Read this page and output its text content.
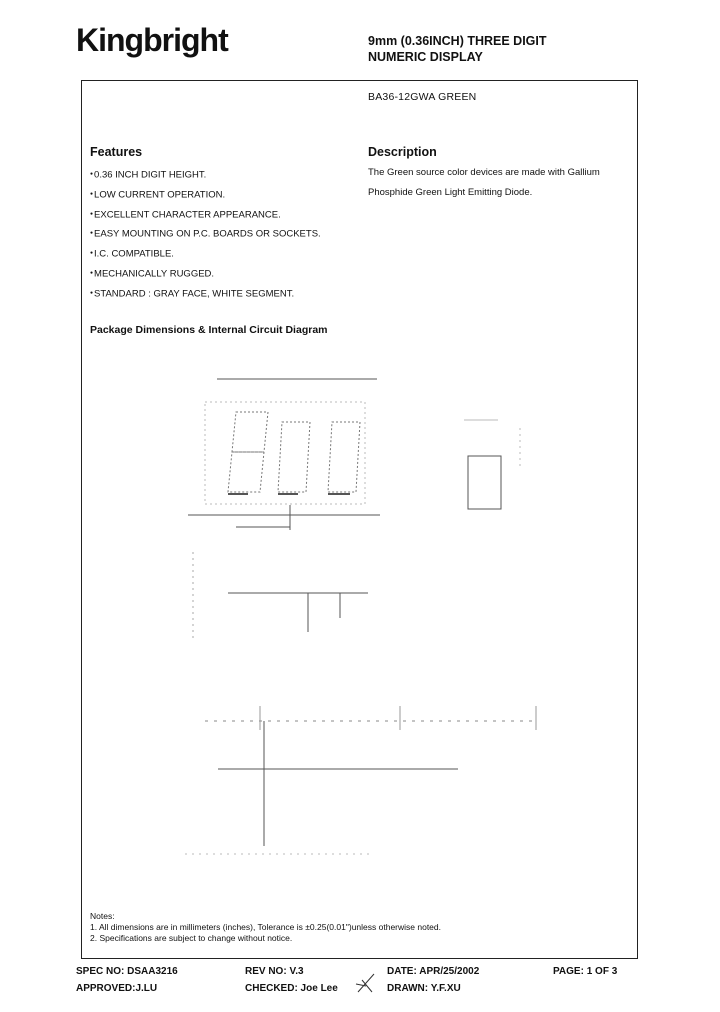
Kingbright	9mm (0.36INCH) THREE DIGIT
NUMERIC DISPLAY
BA36-12GWA GREEN
Features
● 0.36 INCH DIGIT HEIGHT.
● LOW CURRENT OPERATION.
● EXCELLENT CHARACTER APPEARANCE.
● EASY MOUNTING ON P.C. BOARDS OR SOCKETS.
● I.C. COMPATIBLE.
● MECHANICALLY RUGGED.
● STANDARD : GRAY FACE, WHITE SEGMENT.
Description
The Green source color devices are made with Gallium
Phosphide Green Light Emitting Diode.
Package Dimensions & Internal Circuit Diagram
Notes:
1. All dimensions are in millimeters (inches), Tolerance is ±0.25(0.01")unless otherwise noted.
2. Specifications are subject to change without notice.
SPEC NO: DSAA3216	REV NO: V.3	DATE: APR/25/2002	PAGE: 1 OF 3
APPROVED:J.LU	CHECKED: Joe Lee	DRAWN: Y.F.XU
